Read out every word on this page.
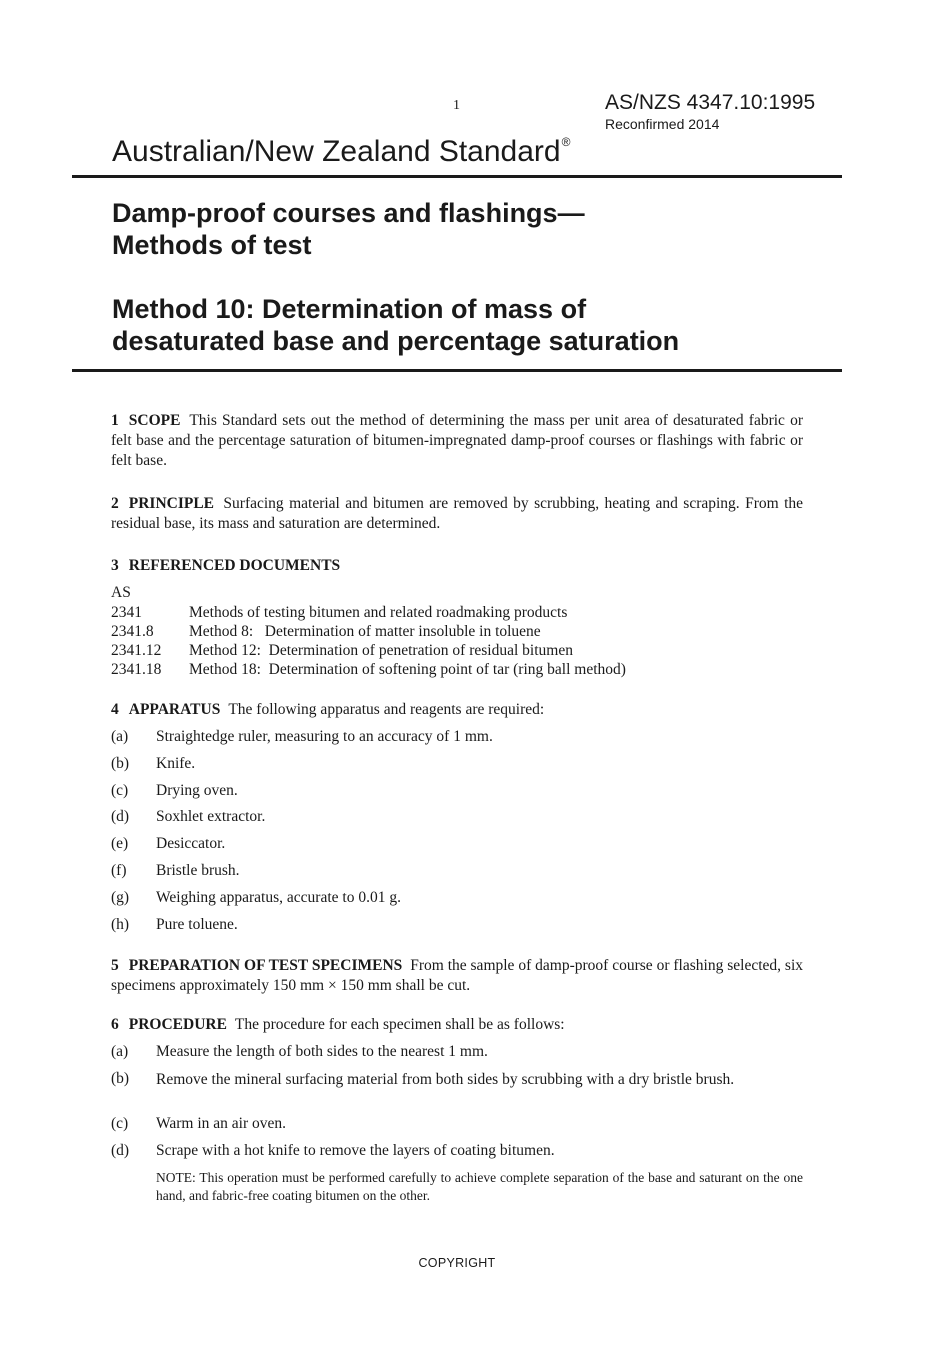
1	AS/NZS 4347.10:1995
Reconfirmed 2014
Australian/New Zealand Standard®
Damp-proof courses and flashings—
Methods of test
Method 10: Determination of mass of
desaturated base and percentage saturation
1 SCOPE This Standard sets out the method of determining the mass per unit area of desaturated fabric or felt base and the percentage saturation of bitumen-impregnated damp-proof courses or flashings with fabric or felt base.
2 PRINCIPLE Surfacing material and bitumen are removed by scrubbing, heating and scraping. From the residual base, its mass and saturation are determined.
3 REFERENCED DOCUMENTS
AS
2341	Methods of testing bitumen and related roadmaking products
2341.8 Method 8:   Determination of matter insoluble in toluene
2341.12 Method 12:  Determination of penetration of residual bitumen
2341.18 Method 18:  Determination of softening point of tar (ring ball method)
4 APPARATUS The following apparatus and reagents are required:
(a) Straightedge ruler, measuring to an accuracy of 1 mm.
(b) Knife.
(c) Drying oven.
(d) Soxhlet extractor.
(e) Desiccator.
(f) Bristle brush.
(g) Weighing apparatus, accurate to 0.01 g.
(h) Pure toluene.
5 PREPARATION OF TEST SPECIMENS From the sample of damp-proof course or flashing selected, six specimens approximately 150 mm × 150 mm shall be cut.
6 PROCEDURE The procedure for each specimen shall be as follows:
(a) Measure the length of both sides to the nearest 1 mm.
(b) Remove the mineral surfacing material from both sides by scrubbing with a dry bristle brush.
(c) Warm in an air oven.
(d) Scrape with a hot knife to remove the layers of coating bitumen.
NOTE: This operation must be performed carefully to achieve complete separation of the base and saturant on the one hand, and fabric-free coating bitumen on the other.
COPYRIGHT
